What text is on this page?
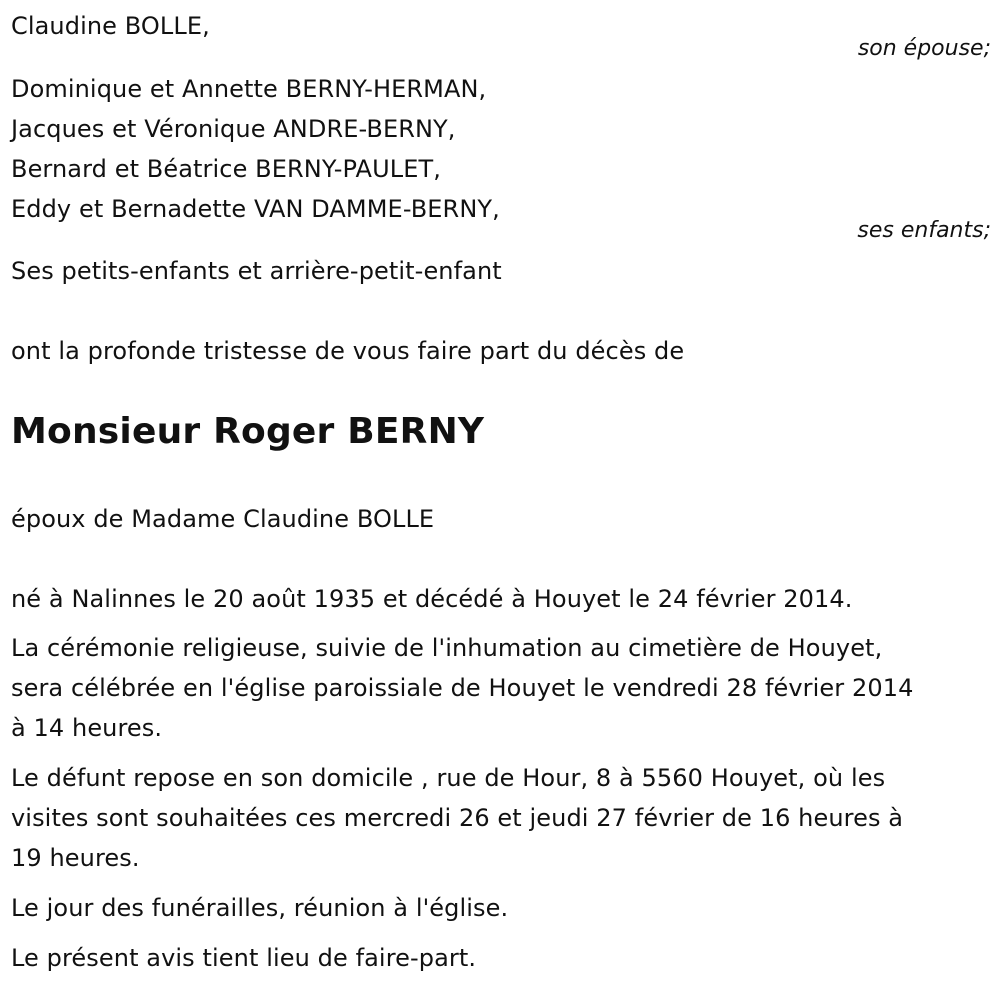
Claudine BOLLE,
son épouse;
Dominique et Annette BERNY-HERMAN,
Jacques et Véronique ANDRE-BERNY,
Bernard et Béatrice BERNY-PAULET,
Eddy et Bernadette VAN DAMME-BERNY,
ses enfants;
Ses petits-enfants et arrière-petit-enfant
ont la profonde tristesse de vous faire part du décès de
Monsieur Roger BERNY
époux de Madame Claudine BOLLE
né à Nalinnes le 20 août 1935 et décédé à Houyet le 24 février 2014.
La cérémonie religieuse, suivie de l'inhumation au cimetière de Houyet,
sera célébrée en l'église paroissiale de Houyet le vendredi 28 février 2014
à 14 heures.
Le défunt repose en son domicile , rue de Hour, 8 à 5560 Houyet, où les
visites sont souhaitées ces mercredi 26 et jeudi 27 février de 16 heures à
19 heures.
Le jour des funérailles, réunion à l'église.
Le présent avis tient lieu de faire-part.
